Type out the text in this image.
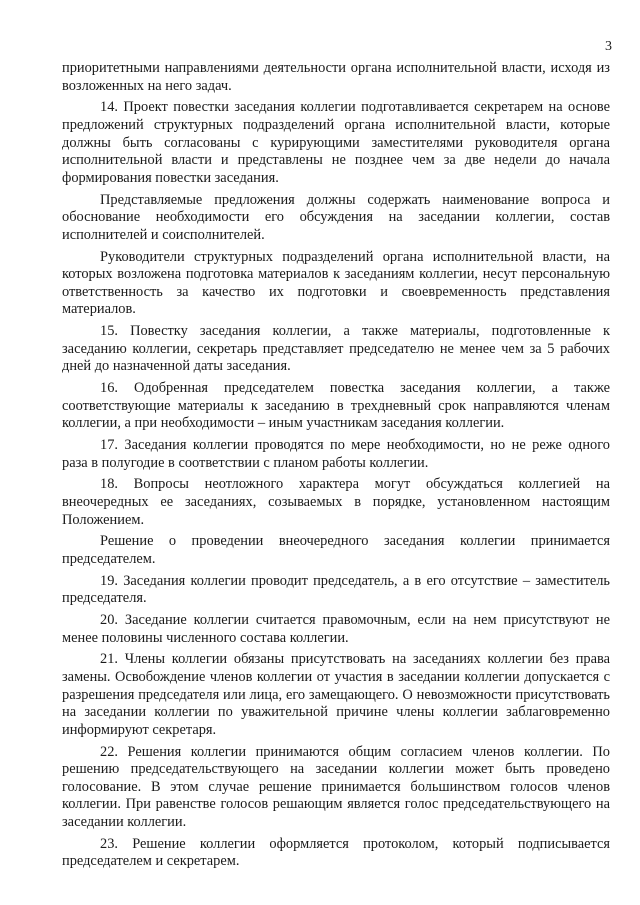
3

приоритетными направлениями деятельности органа исполнительной власти, исходя из возложенных на него задач.

14. Проект повестки заседания коллегии подготавливается секретарем на основе предложений структурных подразделений органа исполнительной власти, которые должны быть согласованы с курирующими заместителями руководителя органа исполнительной власти и представлены не позднее чем за две недели до начала формирования повестки заседания.

Представляемые предложения должны содержать наименование вопроса и обоснование необходимости его обсуждения на заседании коллегии, состав исполнителей и соисполнителей.

Руководители структурных подразделений органа исполнительной власти, на которых возложена подготовка материалов к заседаниям коллегии, несут персональную ответственность за качество их подготовки и своевременность представления материалов.

15. Повестку заседания коллегии, а также материалы, подготовленные к заседанию коллегии, секретарь представляет председателю не менее чем за 5 рабочих дней до назначенной даты заседания.

16. Одобренная председателем повестка заседания коллегии, а также соответствующие материалы к заседанию в трехдневный срок направляются членам коллегии, а при необходимости – иным участникам заседания коллегии.

17. Заседания коллегии проводятся по мере необходимости, но не реже одного раза в полугодие в соответствии с планом работы коллегии.

18. Вопросы неотложного характера могут обсуждаться коллегией на внеочередных ее заседаниях, созываемых в порядке, установленном настоящим Положением.

Решение о проведении внеочередного заседания коллегии принимается председателем.

19. Заседания коллегии проводит председатель, а в его отсутствие – заместитель председателя.

20. Заседание коллегии считается правомочным, если на нем присутствуют не менее половины численного состава коллегии.

21. Члены коллегии обязаны присутствовать на заседаниях коллегии без права замены. Освобождение членов коллегии от участия в заседании коллегии допускается с разрешения председателя или лица, его замещающего. О невозможности присутствовать на заседании коллегии по уважительной причине члены коллегии заблаговременно информируют секретаря.

22. Решения коллегии принимаются общим согласием членов коллегии. По решению председательствующего на заседании коллегии может быть проведено голосование. В этом случае решение принимается большинством голосов членов коллегии. При равенстве голосов решающим является голос председательствующего на заседании коллегии.

23. Решение коллегии оформляется протоколом, который подписывается председателем и секретарем.
